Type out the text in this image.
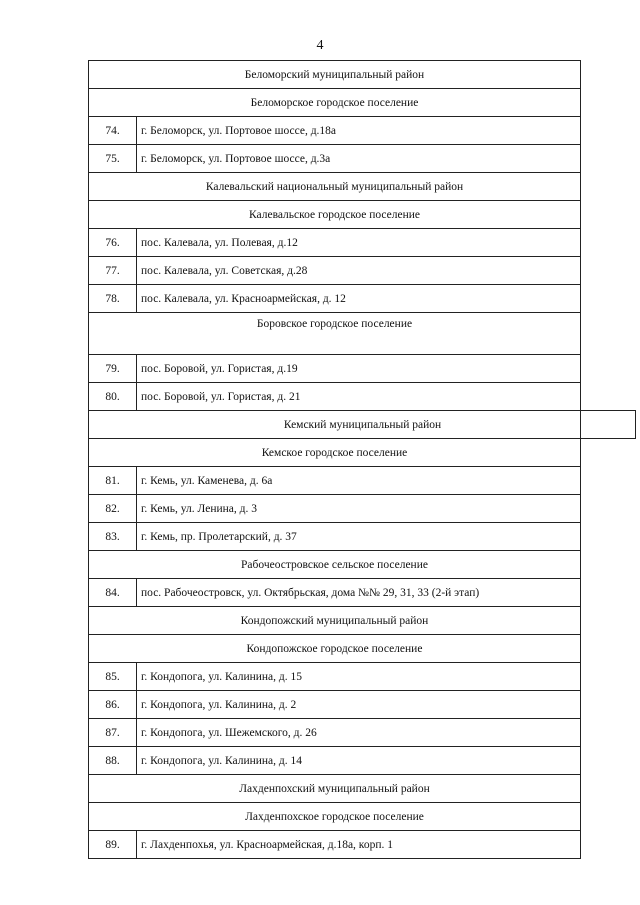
4
Беломорский муниципальный район	
Беломорское городское поселение	
74.	г. Беломорск, ул. Портовое шоссе, д.18а
75.	г. Беломорск, ул. Портовое шоссе, д.3а
Калевальский национальный муниципальный район	
Калевальское городское поселение	
76.	пос. Калевала, ул. Полевая, д.12
77.	пос. Калевала, ул. Советская, д.28
78.	пос. Калевала, ул. Красноармейская, д. 12
Боровское городское поселение	
79.	пос. Боровой, ул. Гористая, д.19
80.	пос. Боровой, ул. Гористая, д. 21

Кемский муниципальный район	

Кемское городское поселение	
81.	г. Кемь, ул. Каменева, д. 6а
82.	г. Кемь, ул. Ленина, д. 3
83.	г. Кемь, пр. Пролетарский, д. 37
Рабочеостровское сельское поселение	
84.	пос. Рабочеостровск, ул. Октябрьская, дома №№ 29, 31, 33 (2-й этап)
Кондопожский муниципальный район	
Кондопожское городское поселение	
85.	г. Кондопога, ул. Калинина, д. 15
86.	г. Кондопога, ул. Калинина, д. 2
87.	г. Кондопога, ул. Шежемского, д. 26
88.	г. Кондопога, ул. Калинина, д. 14
Лахденпохский муниципальный район	
Лахденпохское городское поселение	
89.	г. Лахденпохья, ул. Красноармейская, д.18а, корп. 1
